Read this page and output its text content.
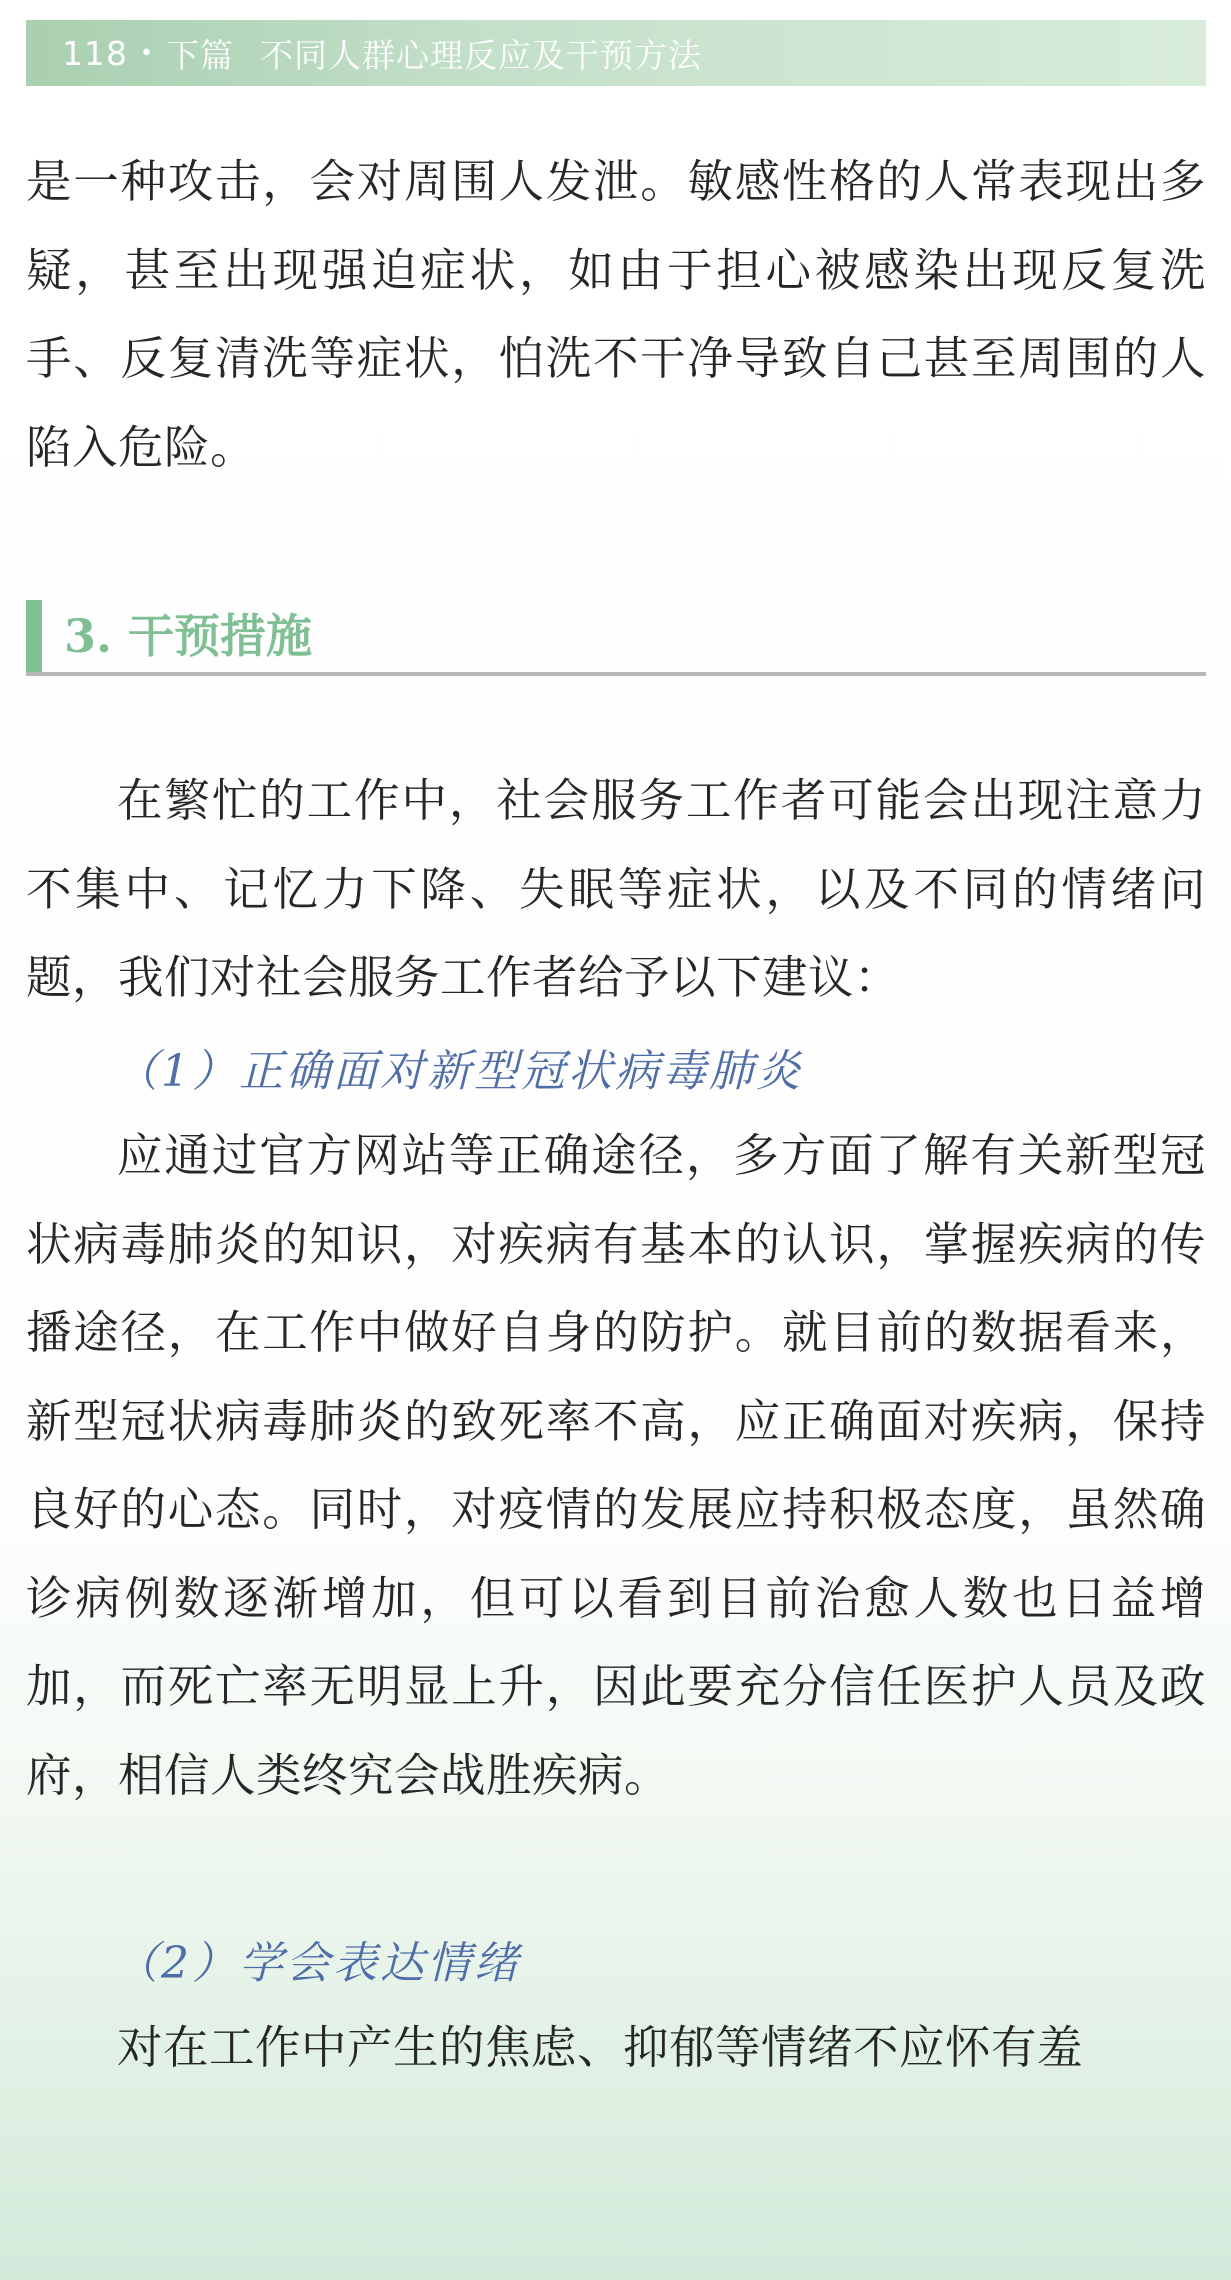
118 • 下篇 不同人群心理反应及干预方法
是一种攻击，会对周围人发泄。敏感性格的人常表现出多疑，甚至出现强迫症状，如由于担心被感染出现反复洗手、反复清洗等症状，怕洗不干净导致自己甚至周围的人陷入危险。
3. 干预措施
在繁忙的工作中，社会服务工作者可能会出现注意力不集中、记忆力下降、失眠等症状，以及不同的情绪问题，我们对社会服务工作者给予以下建议：
（1）正确面对新型冠状病毒肺炎
应通过官方网站等正确途径，多方面了解有关新型冠状病毒肺炎的知识，对疾病有基本的认识，掌握疾病的传播途径，在工作中做好自身的防护。就目前的数据看来，新型冠状病毒肺炎的致死率不高，应正确面对疾病，保持良好的心态。同时，对疫情的发展应持积极态度，虽然确诊病例数逐渐增加，但可以看到目前治愈人数也日益增加，而死亡率无明显上升，因此要充分信任医护人员及政府，相信人类终究会战胜疾病。
（2）学会表达情绪
对在工作中产生的焦虑、抑郁等情绪不应怀有羞
